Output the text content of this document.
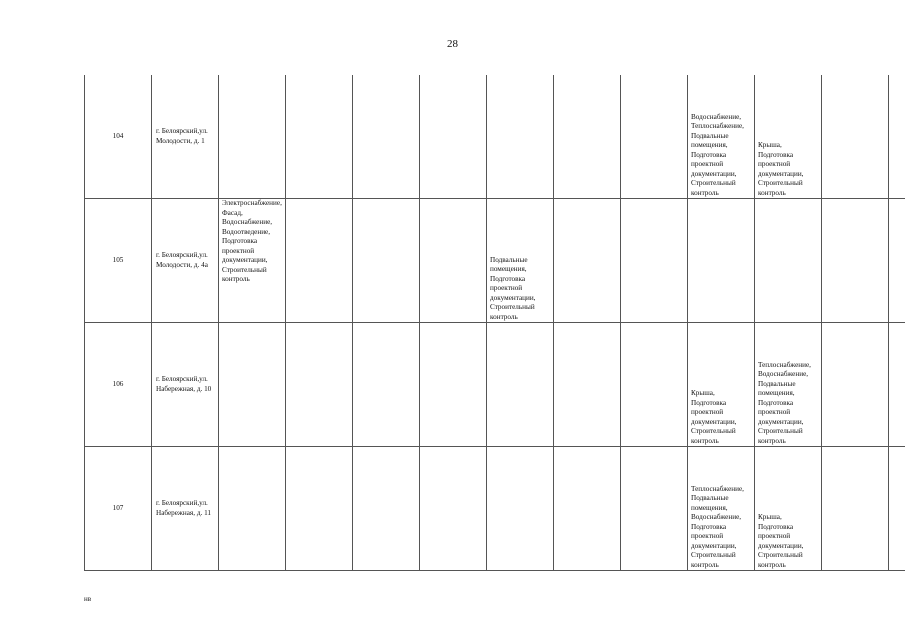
28
104	г. Белоярский,ул. Молодости, д. 1								Водоснабжение, Теплоснабжение, Подвальные помещения, Подготовка проектной документации, Строительный контроль	Крыша, Подготовка проектной документации, Строительный контроль		

105	г. Белоярский,ул. Молодости, д. 4а	Электроснабжение, Фасад, Водоснабжение, Водоотведение, Подготовка проектной документации, Строительный контроль				Подвальные помещения, Подготовка проектной документации, Строительный контроль						

106	г. Белоярский,ул. Набережная, д. 10								Крыша, Подготовка проектной документации, Строительный контроль	Теплоснабжение, Водоснабжение, Подвальные помещения, Подготовка проектной документации, Строительный контроль		

107	г. Белоярский,ул. Набережная, д. 11								Теплоснабжение, Подвальные помещения, Водоснабжение, Подготовка проектной документации, Строительный контроль	Крыша, Подготовка проектной документации, Строительный контроль		

нв
